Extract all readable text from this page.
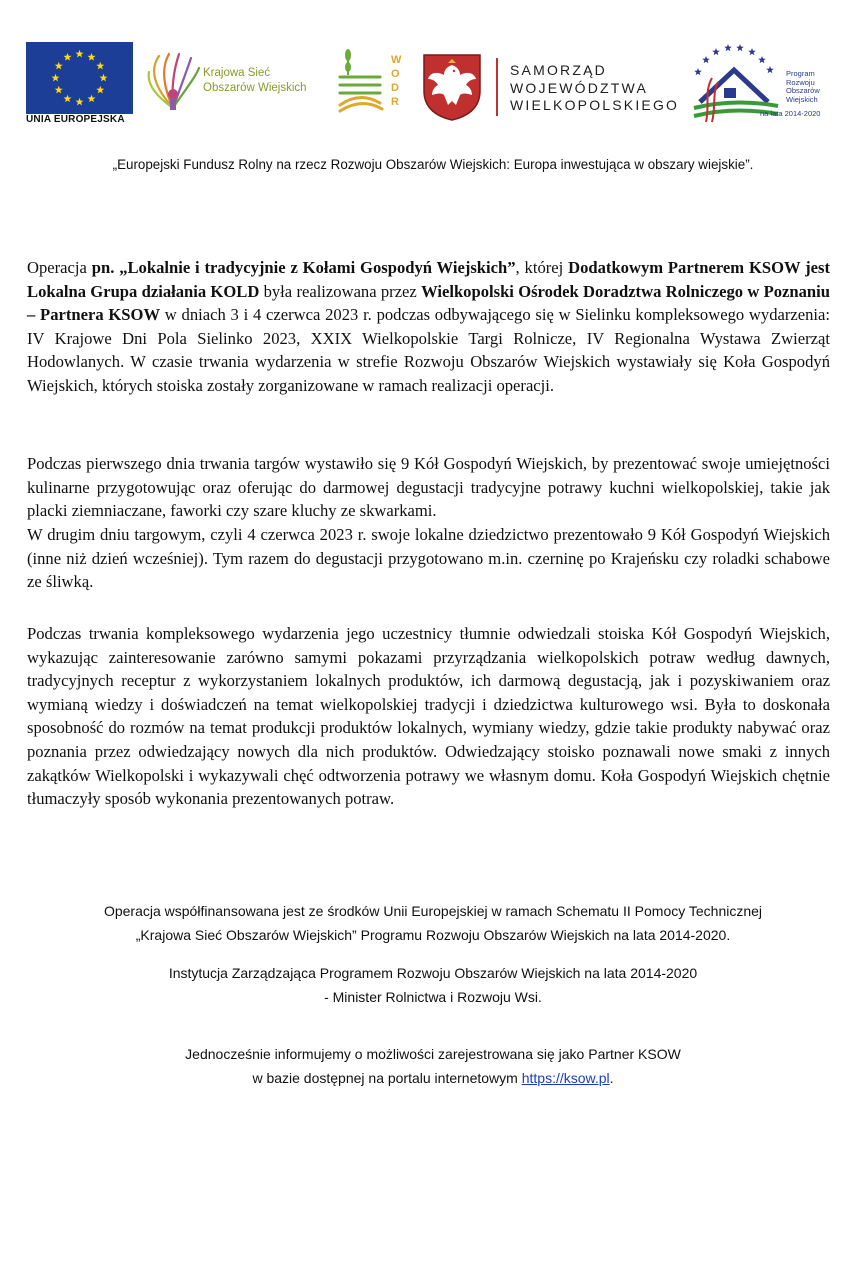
UNIA EUROPEJSKA
Krajowa Sieć
Obszarów Wiejskich
W
O
D
R
SAMORZĄD
WOJEWÓDZTWA
WIELKOPOLSKIEGO
Program
Rozwoju
Obszarów
Wiejskich
na lata 2014-2020
„Europejski Fundusz Rolny na rzecz Rozwoju Obszarów Wiejskich: Europa inwestująca w obszary wiejskie”.
Operacja pn. „Lokalnie i tradycyjnie z Kołami Gospodyń Wiejskich”, której Dodatkowym Partnerem KSOW jest Lokalna Grupa działania KOLD była realizowana przez Wielkopolski Ośrodek Doradztwa Rolniczego w Poznaniu – Partnera KSOW w dniach 3 i 4 czerwca 2023 r. podczas odbywającego się w Sielinku kompleksowego wydarzenia: IV Krajowe Dni Pola Sielinko 2023, XXIX Wielkopolskie Targi Rolnicze, IV Regionalna Wystawa Zwierząt Hodowlanych. W czasie trwania wydarzenia w strefie Rozwoju Obszarów Wiejskich wystawiały się Koła Gospodyń Wiejskich, których stoiska zostały zorganizowane w ramach realizacji operacji.
Podczas pierwszego dnia trwania targów wystawiło się 9 Kół Gospodyń Wiejskich, by prezentować swoje umiejętności kulinarne przygotowując oraz oferując do darmowej degustacji tradycyjne potrawy kuchni wielkopolskiej, takie jak placki ziemniaczane, faworki czy szare kluchy ze skwarkami.
W drugim dniu targowym, czyli 4 czerwca 2023 r. swoje lokalne dziedzictwo prezentowało 9 Kół Gospodyń Wiejskich (inne niż dzień wcześniej). Tym razem do degustacji przygotowano m.in. czerninę po Krajeńsku czy roladki schabowe ze śliwką.
Podczas trwania kompleksowego wydarzenia jego uczestnicy tłumnie odwiedzali stoiska Kół Gospodyń Wiejskich, wykazując zainteresowanie zarówno samymi pokazami przyrządzania wielkopolskich potraw według dawnych, tradycyjnych receptur z wykorzystaniem lokalnych produktów, ich darmową degustacją, jak i pozyskiwaniem oraz wymianą wiedzy i doświadczeń na temat wielkopolskiej tradycji i dziedzictwa kulturowego wsi. Była to doskonała sposobność do rozmów na temat produkcji produktów lokalnych, wymiany wiedzy, gdzie takie produkty nabywać oraz poznania przez odwiedzający nowych dla nich produktów. Odwiedzający stoisko poznawali nowe smaki z innych zakątków Wielkopolski i wykazywali chęć odtworzenia potrawy we własnym domu. Koła Gospodyń Wiejskich chętnie tłumaczyły sposób wykonania prezentowanych potraw.
Operacja współfinansowana jest ze środków Unii Europejskiej w ramach Schematu II Pomocy Technicznej
„Krajowa Sieć Obszarów Wiejskich” Programu Rozwoju Obszarów Wiejskich na lata 2014-2020.
Instytucja Zarządzająca Programem Rozwoju Obszarów Wiejskich na lata 2014-2020
- Minister Rolnictwa i Rozwoju Wsi.
Jednocześnie informujemy o możliwości zarejestrowana się jako Partner KSOW
w bazie dostępnej na portalu internetowym https://ksow.pl.
